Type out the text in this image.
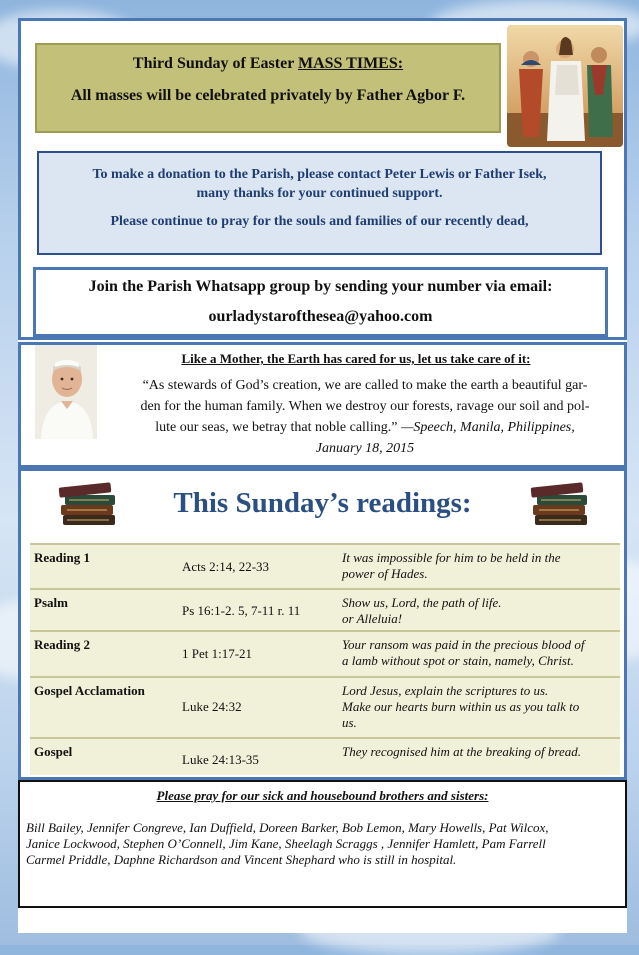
Third Sunday of Easter MASS TIMES:
All masses will be celebrated privately by Father Agbor F.
To make a donation to the Parish, please contact Peter Lewis or Father Isek,
many thanks for your continued support.
Please continue to pray for the souls and families of our recently dead,
Join the Parish Whatsapp group by sending your number via email:
ourladystarofthesea@yahoo.com
Like a Mother, the Earth has cared for us, let us take care of it:
“As stewards of God’s creation, we are called to make the earth a beautiful gar-
den for the human family. When we destroy our forests, ravage our soil and pol-
lute our seas, we betray that noble calling.” —Speech, Manila, Philippines,
January 18, 2015
This Sunday’s readings:
Reading 1
Acts 2:14, 22-33
It was impossible for him to be held in the
power of Hades.
Psalm
Ps 16:1-2. 5, 7-11 r. 11
Show us, Lord, the path of life.
or Alleluia!
Reading 2
1 Pet 1:17-21
Your ransom was paid in the precious blood of
a lamb without spot or stain, namely, Christ.
Gospel Acclamation
Luke 24:32
Lord Jesus, explain the scriptures to us.
Make our hearts burn within us as you talk to
us.
Gospel
Luke 24:13-35
They recognised him at the breaking of bread.
Please pray for our sick and housebound brothers and sisters:
Bill Bailey, Jennifer Congreve, Ian Duffield, Doreen Barker, Bob Lemon, Mary Howells, Pat Wilcox,
Janice Lockwood, Stephen O’Connell, Jim Kane, Sheelagh Scraggs , Jennifer Hamlett, Pam Farrell
Carmel Priddle, Daphne Richardson and Vincent Shephard who is still in hospital.
